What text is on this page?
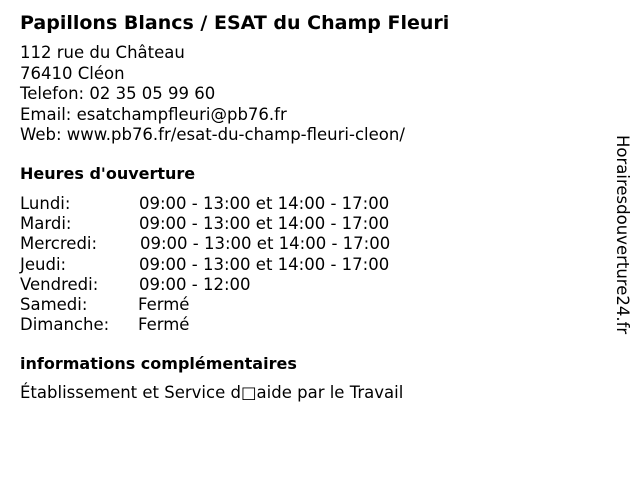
Papillons Blancs / ESAT du Champ Fleuri
112 rue du Château
76410 Cléon
Telefon: 02 35 05 99 60
Email: esatchampfleuri@pb76.fr
Web: www.pb76.fr/esat-du-champ-fleuri-cleon/
Heures d'ouverture
Lundi:	09:00 - 13:00 et 14:00 - 17:00
Mardi:	09:00 - 13:00 et 14:00 - 17:00
Mercredi:	09:00 - 13:00 et 14:00 - 17:00
Jeudi:	09:00 - 13:00 et 14:00 - 17:00
Vendredi: 09:00 - 12:00
Samedi:	Fermé
Dimanche: Fermé
informations complémentaires
Établissement et Service d□aide par le Travail
Horairesdouverture24.fr
